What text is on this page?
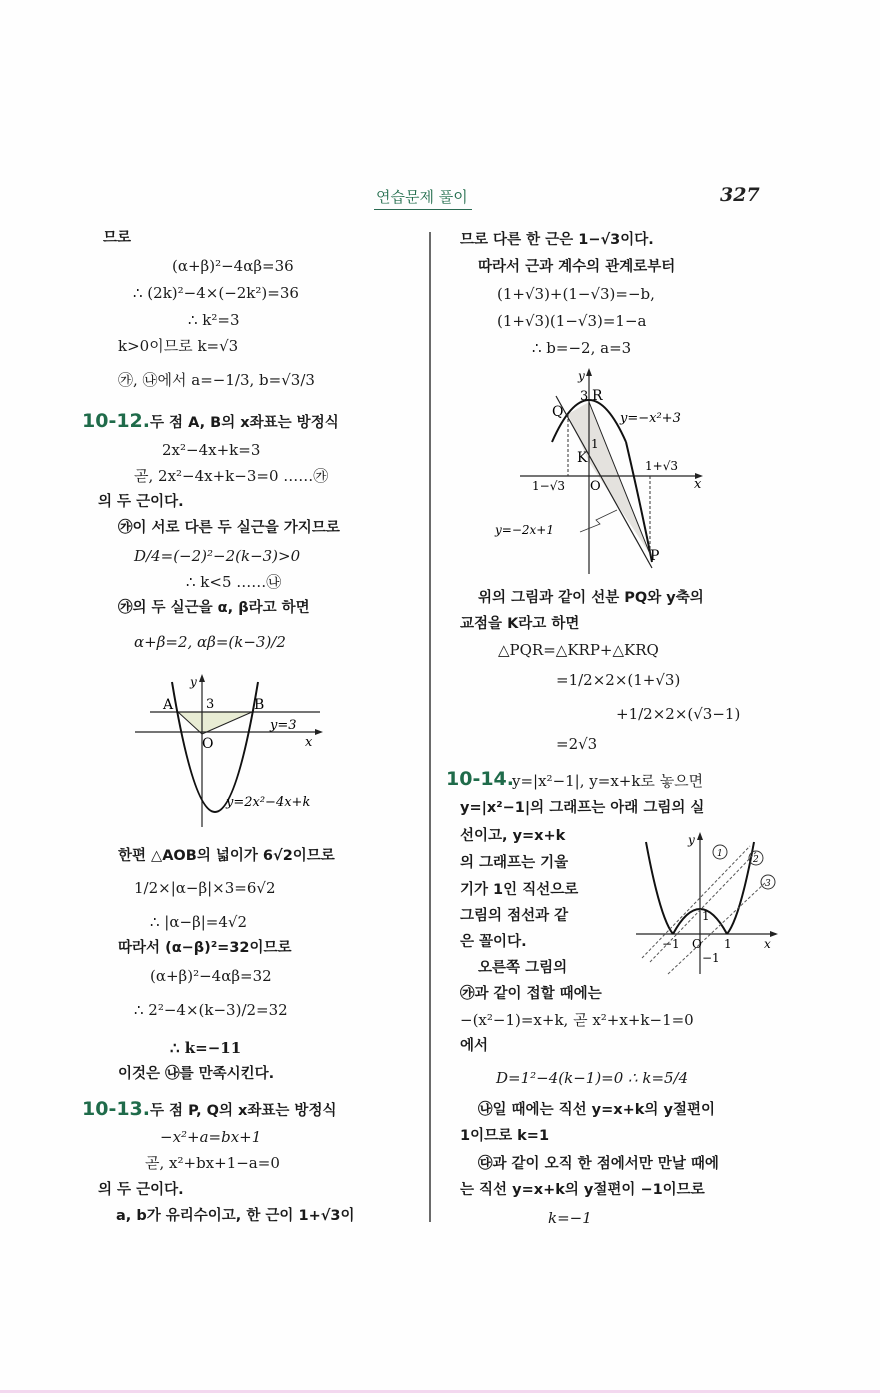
연습문제 풀이	327
므로
(α+β)²−4αβ=36
∴ (2k)²−4×(−2k²)=36
∴ k²=3
k>0이므로 k=√3
㉮, ㉯에서 a=−1/3, b=√3/3
10-12. 두 점 A, B의 x좌표는 방정식
2x²−4x+k=3
곧, 2x²−4x+k−3=0 ……㉮
의 두 근이다.
㉮이 서로 다른 두 실근을 가지므로
D/4=(−2)²−2(k−3)>0
∴ k<5 ……㉯
㉮의 두 실근을 α, β라고 하면
α+β=2, αβ=(k−3)/2
A	3	B
y=3
O	x
y
y=2x²−4x+k
한편 △AOB의 넓이가 6√2이므로
1/2×|α−β|×3=6√2
∴ |α−β|=4√2
따라서 (α−β)²=32이므로
(α+β)²−4αβ=32
∴ 2²−4×(k−3)/2=32
∴ k=−11
이것은 ㉯를 만족시킨다.
10-13. 두 점 P, Q의 x좌표는 방정식
−x²+a=bx+1
곧, x²+bx+1−a=0
의 두 근이다.
a, b가 유리수이고, 한 근이 1+√3이
므로 다른 한 근은 1−√3이다.
따라서 근과 계수의 관계로부터
(1+√3)+(1−√3)=−b,
(1+√3)(1−√3)=1−a
∴ b=−2, a=3
y
3 R
Q	y=−x²+3
K
1
1+√3
1−√3 O	x
y=−2x+1
P
위의 그림과 같이 선분 PQ와 y축의
교점을 K라고 하면
△PQR=△KRP+△KRQ
=1/2×2×(1+√3)
+1/2×2×(√3−1)
=2√3
10-14.
y=|x²−1|, y=x+k로 놓으면
y=|x²−1|의 그래프는 아래 그림의 실
선이고, y=x+k
의 그래프는 기울
기가 1인 직선으로
그림의 점선과 같
은 꼴이다.
오른쪽 그림의
1
2
3
y
1
−1 O 1
−1
x
㉮과 같이 접할 때에는
−(x²−1)=x+k, 곧 x²+x+k−1=0
에서
D=1²−4(k−1)=0 ∴ k=5/4
㉯일 때에는 직선 y=x+k의 y절편이
1이므로 k=1
㉰과 같이 오직 한 점에서만 만날 때에
는 직선 y=x+k의 y절편이 −1이므로
k=−1
